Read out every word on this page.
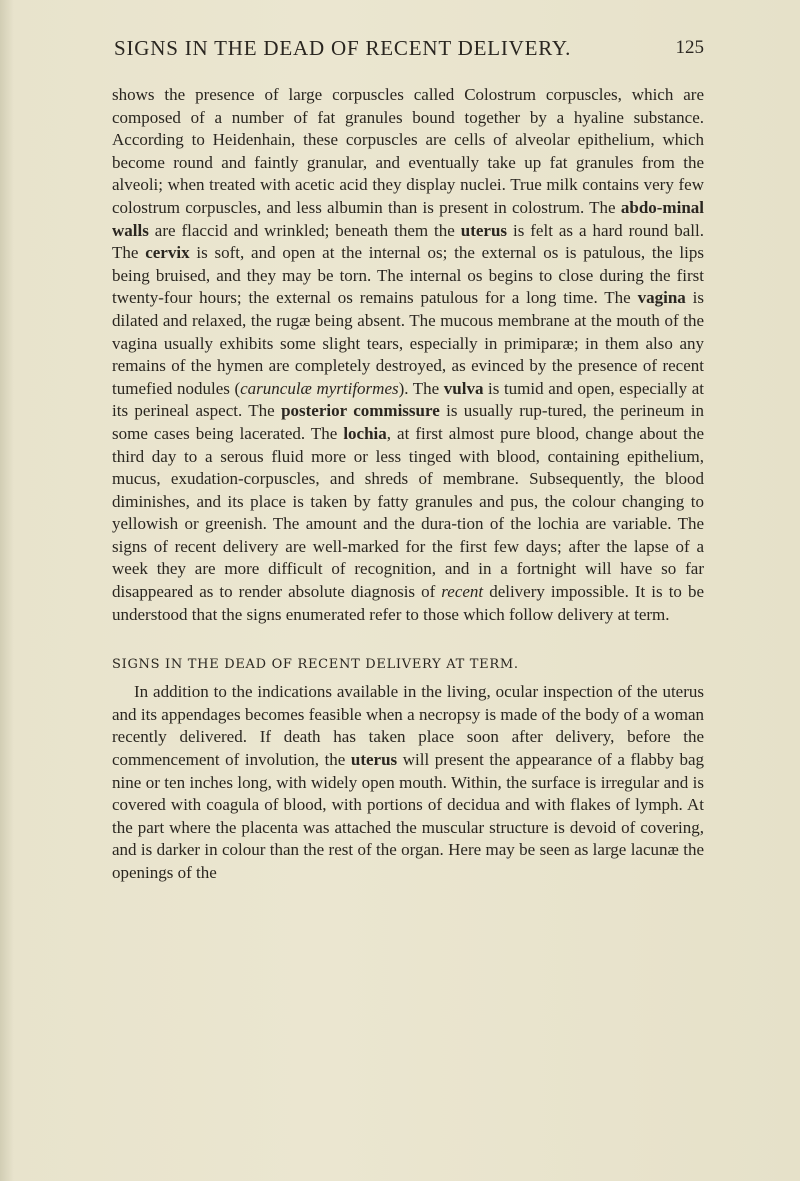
SIGNS IN THE DEAD OF RECENT DELIVERY.	125

shows the presence of large corpuscles called Colostrum corpuscles, which are composed of a number of fat granules bound together by a hyaline substance. According to Heidenhain, these corpuscles are cells of alveolar epithelium, which become round and faintly granular, and eventually take up fat granules from the alveoli; when treated with acetic acid they display nuclei. True milk contains very few colostrum corpuscles, and less albumin than is present in colostrum. The abdo-minal walls are flaccid and wrinkled; beneath them the uterus is felt as a hard round ball. The cervix is soft, and open at the internal os; the external os is patulous, the lips being bruised, and they may be torn. The internal os begins to close during the first twenty-four hours; the external os remains patulous for a long time. The vagina is dilated and relaxed, the rugæ being absent. The mucous membrane at the mouth of the vagina usually exhibits some slight tears, especially in primiparæ; in them also any remains of the hymen are completely destroyed, as evinced by the presence of recent tumefied nodules (carunculæ myrtiformes). The vulva is tumid and open, especially at its perineal aspect. The posterior commissure is usually rup-tured, the perineum in some cases being lacerated. The lochia, at first almost pure blood, change about the third day to a serous fluid more or less tinged with blood, containing epithelium, mucus, exudation-corpuscles, and shreds of membrane. Subsequently, the blood diminishes, and its place is taken by fatty granules and pus, the colour changing to yellowish or greenish. The amount and the dura-tion of the lochia are variable. The signs of recent delivery are well-marked for the first few days; after the lapse of a week they are more difficult of recognition, and in a fortnight will have so far disappeared as to render absolute diagnosis of recent delivery impossible. It is to be understood that the signs enumerated refer to those which follow delivery at term.

SIGNS IN THE DEAD OF RECENT DELIVERY AT TERM.

In addition to the indications available in the living, ocular inspection of the uterus and its appendages becomes feasible when a necropsy is made of the body of a woman recently delivered. If death has taken place soon after delivery, before the commencement of involution, the uterus will present the appearance of a flabby bag nine or ten inches long, with widely open mouth. Within, the surface is irregular and is covered with coagula of blood, with portions of decidua and with flakes of lymph. At the part where the placenta was attached the muscular structure is devoid of covering, and is darker in colour than the rest of the organ. Here may be seen as large lacunæ the openings of the
